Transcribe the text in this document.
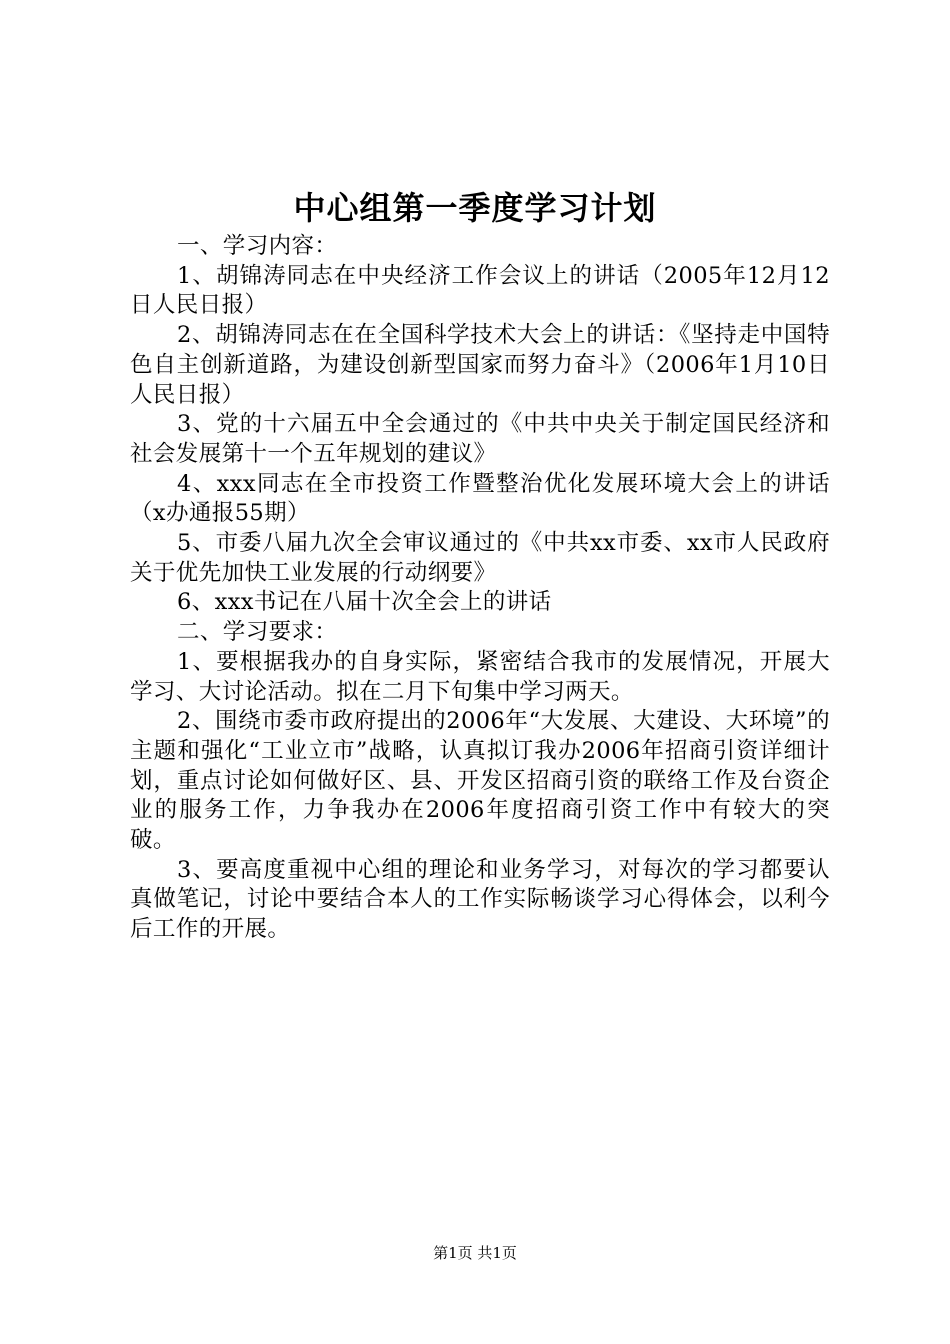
中心组第一季度学习计划

一、学习内容：

1、胡锦涛同志在中央经济工作会议上的讲话（2005年12月12日人民日报）

2、胡锦涛同志在在全国科学技术大会上的讲话：《坚持走中国特色自主创新道路，为建设创新型国家而努力奋斗》（2006年1月10日人民日报）

3、党的十六届五中全会通过的《中共中央关于制定国民经济和社会发展第十一个五年规划的建议》

4、xxx同志在全市投资工作暨整治优化发展环境大会上的讲话（x办通报55期）

5、市委八届九次全会审议通过的《中共xx市委、xx市人民政府关于优先加快工业发展的行动纲要》

6、xxx书记在八届十次全会上的讲话

二、学习要求：

1、要根据我办的自身实际，紧密结合我市的发展情况，开展大学习、大讨论活动。拟在二月下旬集中学习两天。

2、围绕市委市政府提出的2006年“大发展、大建设、大环境”的主题和强化“工业立市”战略，认真拟订我办2006年招商引资详细计划，重点讨论如何做好区、县、开发区招商引资的联络工作及台资企业的服务工作，力争我办在2006年度招商引资工作中有较大的突破。

3、要高度重视中心组的理论和业务学习，对每次的学习都要认真做笔记，讨论中要结合本人的工作实际畅谈学习心得体会，以利今后工作的开展。

第1页 共1页
